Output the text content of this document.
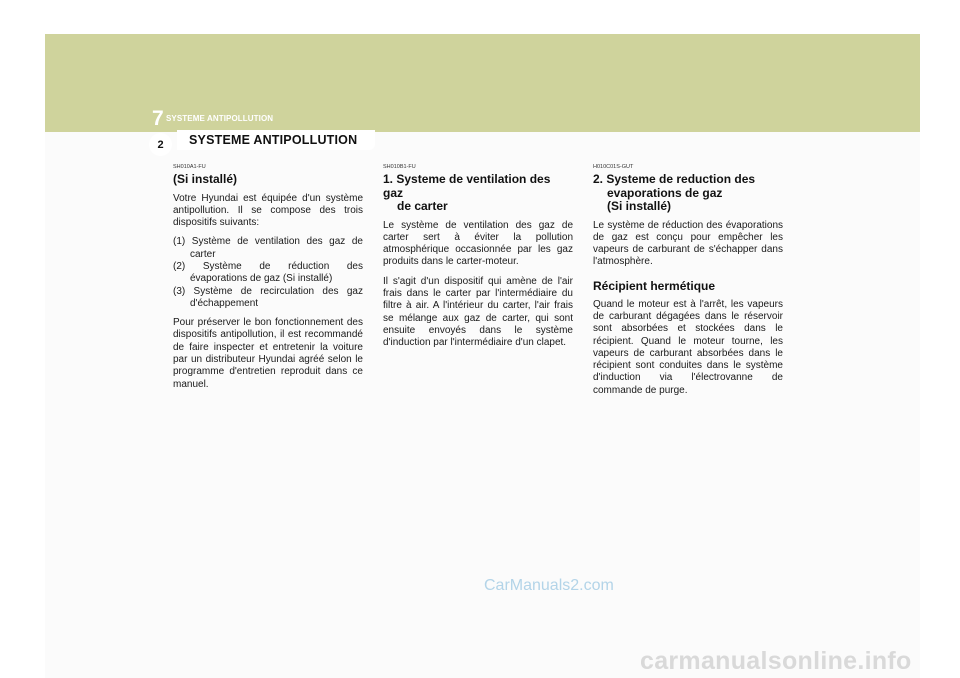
7 SYSTEME ANTIPOLLUTION
2	SYSTEME ANTIPOLLUTION
SH010A1-FU
(Si installé)

Votre Hyundai est équipée d'un système antipollution. Il se compose des trois dispositifs suivants:

(1) Système de ventilation des gaz de carter
(2) Système de réduction des évaporations de gaz (Si installé)
(3) Système de recirculation des gaz d'échappement

Pour préserver le bon fonctionnement des dispositifs antipollution, il est recommandé de faire inspecter et entretenir la voiture par un distributeur Hyundai agréé selon le programme d'entretien reproduit dans ce manuel.

SH010B1-FU
1. Systeme de ventilation des gaz
de carter

Le système de ventilation des gaz de carter sert à éviter la pollution atmosphérique occasionnée par les gaz produits dans le carter-moteur.

Il s'agit d'un dispositif qui amène de l'air frais dans le carter par l'intermédiaire du filtre à air. A l'intérieur du carter, l'air frais se mélange aux gaz de carter, qui sont ensuite envoyés dans le système d'induction par l'intermédiaire d'un clapet.

H010C01S-GUT
2. Systeme de reduction des
evaporations de gaz
(Si installé)

Le système de réduction des évaporations de gaz est conçu pour empêcher les vapeurs de carburant de s'échapper dans l'atmosphère.

Récipient hermétique

Quand le moteur est à l'arrêt, les vapeurs de carburant dégagées dans le réservoir sont absorbées et stockées dans le récipient. Quand le moteur tourne, les vapeurs de carburant absorbées dans le récipient sont conduites dans le système d'induction via l'électrovanne de commande de purge.

CarManuals2.com
carmanualsonline.info
